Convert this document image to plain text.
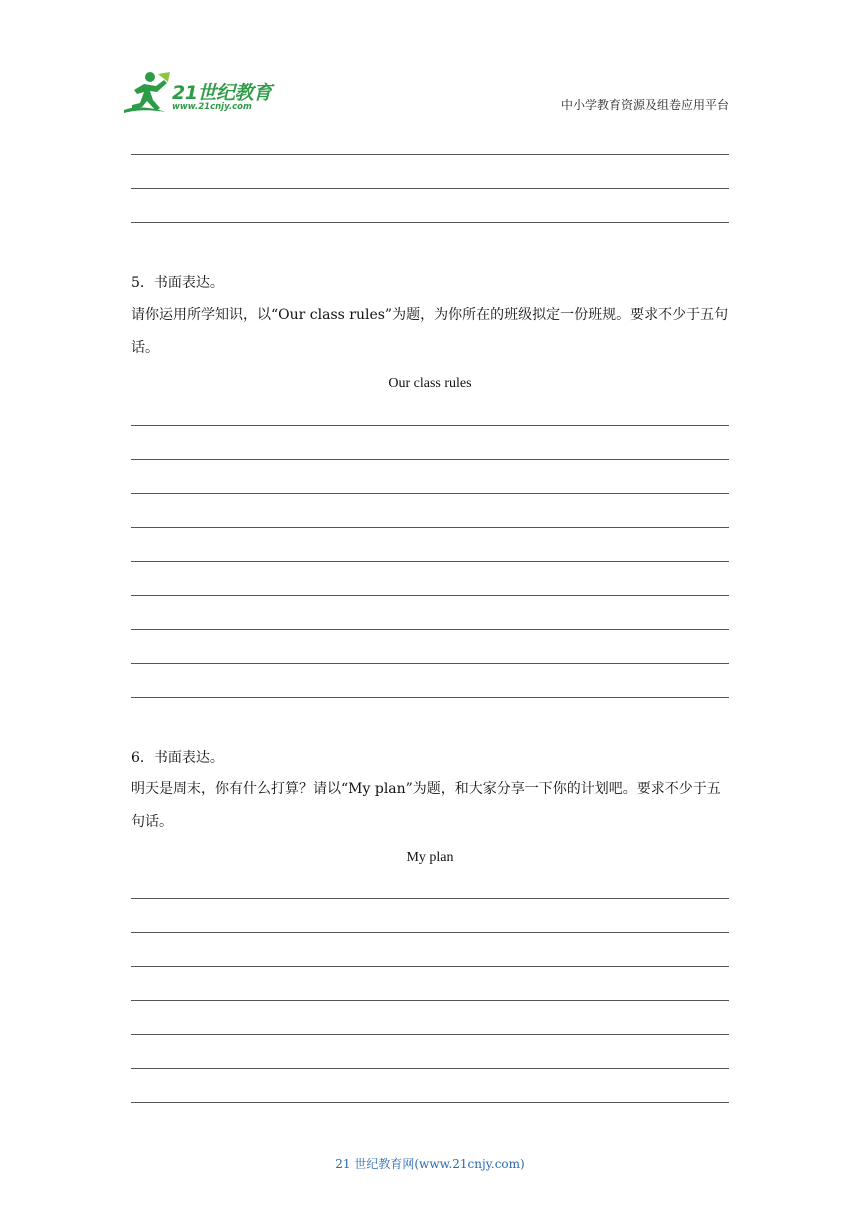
21世纪教育
www.21cnjy.com	中小学教育资源及组卷应用平台
5．书面表达。
请你运用所学知识，以“Our class rules”为题，为你所在的班级拟定一份班规。要求不少于五句话。
Our class rules
6．书面表达。
明天是周末，你有什么打算？请以“My plan”为题，和大家分享一下你的计划吧。要求不少于五句话。
My plan
21 世纪教育网(www.21cnjy.com)
